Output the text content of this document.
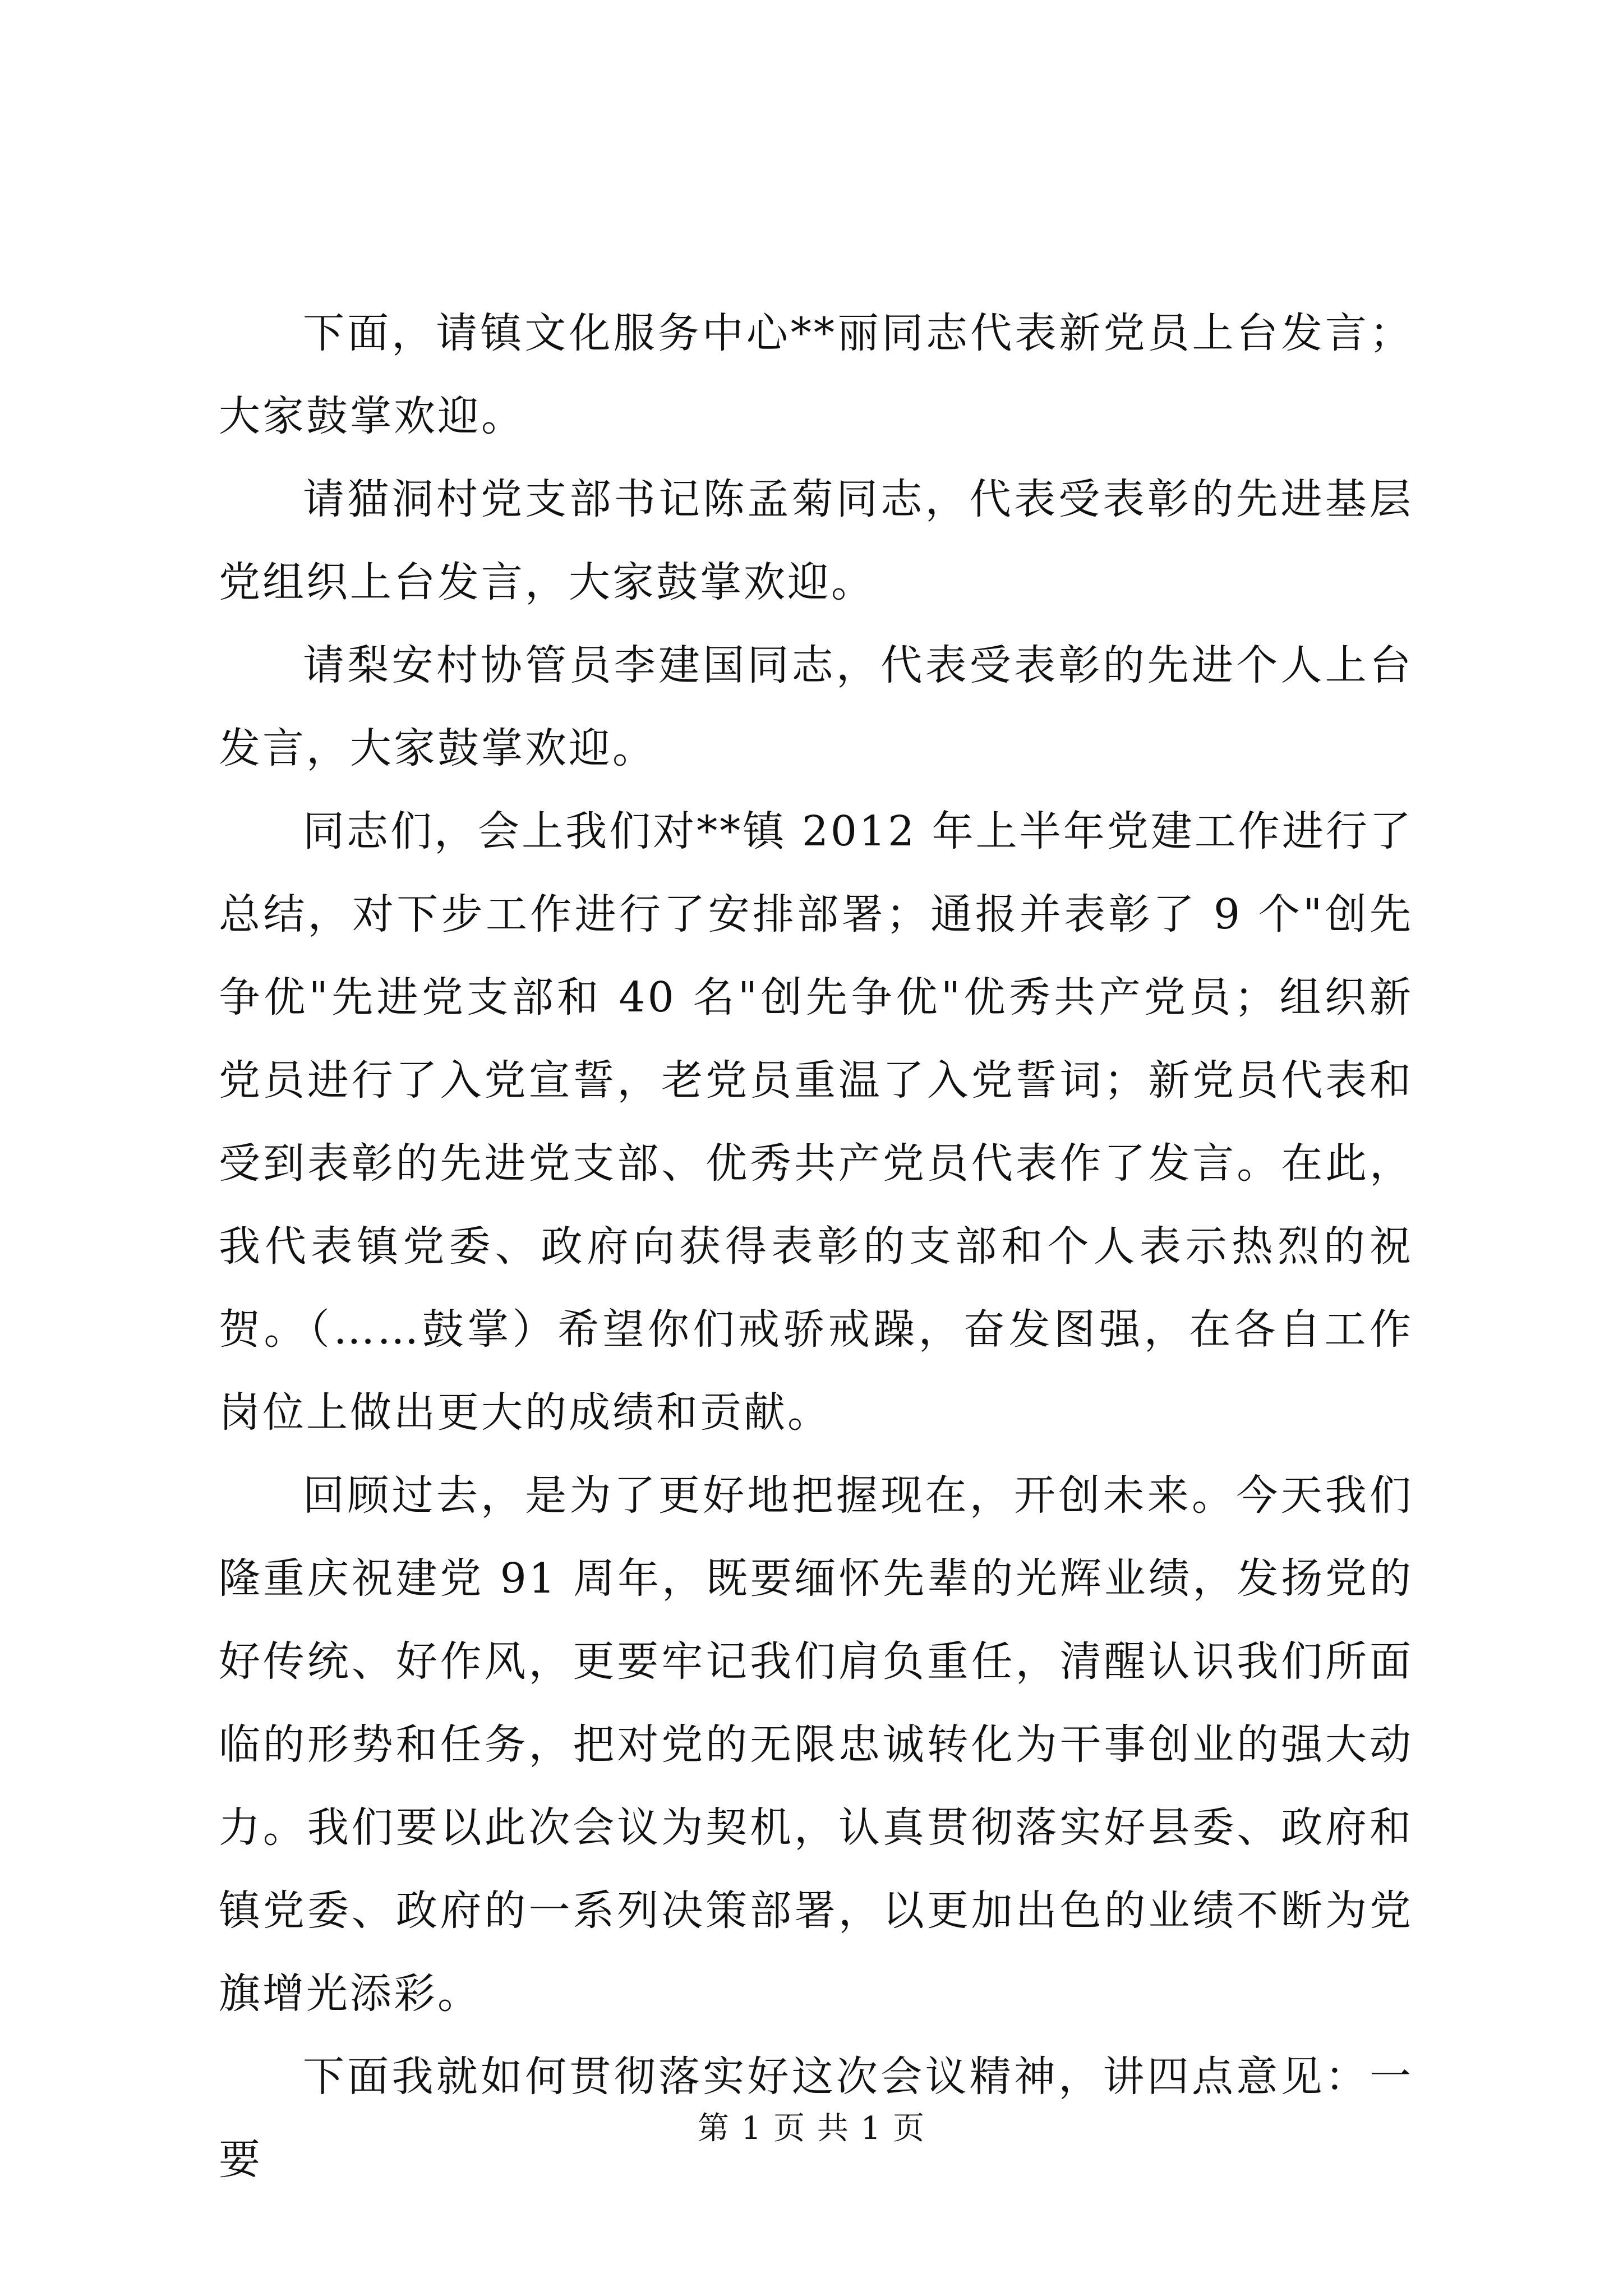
下面，请镇文化服务中心**丽同志代表新党员上台发言；大家鼓掌欢迎。

请猫洞村党支部书记陈孟菊同志，代表受表彰的先进基层党组织上台发言，大家鼓掌欢迎。

请梨安村协管员李建国同志，代表受表彰的先进个人上台发言，大家鼓掌欢迎。

同志们，会上我们对**镇 2012 年上半年党建工作进行了总结，对下步工作进行了安排部署；通报并表彰了 9 个"创先争优"先进党支部和 40 名"创先争优"优秀共产党员；组织新党员进行了入党宣誓，老党员重温了入党誓词；新党员代表和受到表彰的先进党支部、优秀共产党员代表作了发言。在此，我代表镇党委、政府向获得表彰的支部和个人表示热烈的祝贺。（……鼓掌）希望你们戒骄戒躁，奋发图强，在各自工作岗位上做出更大的成绩和贡献。

回顾过去，是为了更好地把握现在，开创未来。今天我们隆重庆祝建党 91 周年，既要缅怀先辈的光辉业绩，发扬党的好传统、好作风，更要牢记我们肩负重任，清醒认识我们所面临的形势和任务，把对党的无限忠诚转化为干事创业的强大动力。我们要以此次会议为契机，认真贯彻落实好县委、政府和镇党委、政府的一系列决策部署，以更加出色的业绩不断为党旗增光添彩。

下面我就如何贯彻落实好这次会议精神，讲四点意见：一要

第 1 页 共 1 页
